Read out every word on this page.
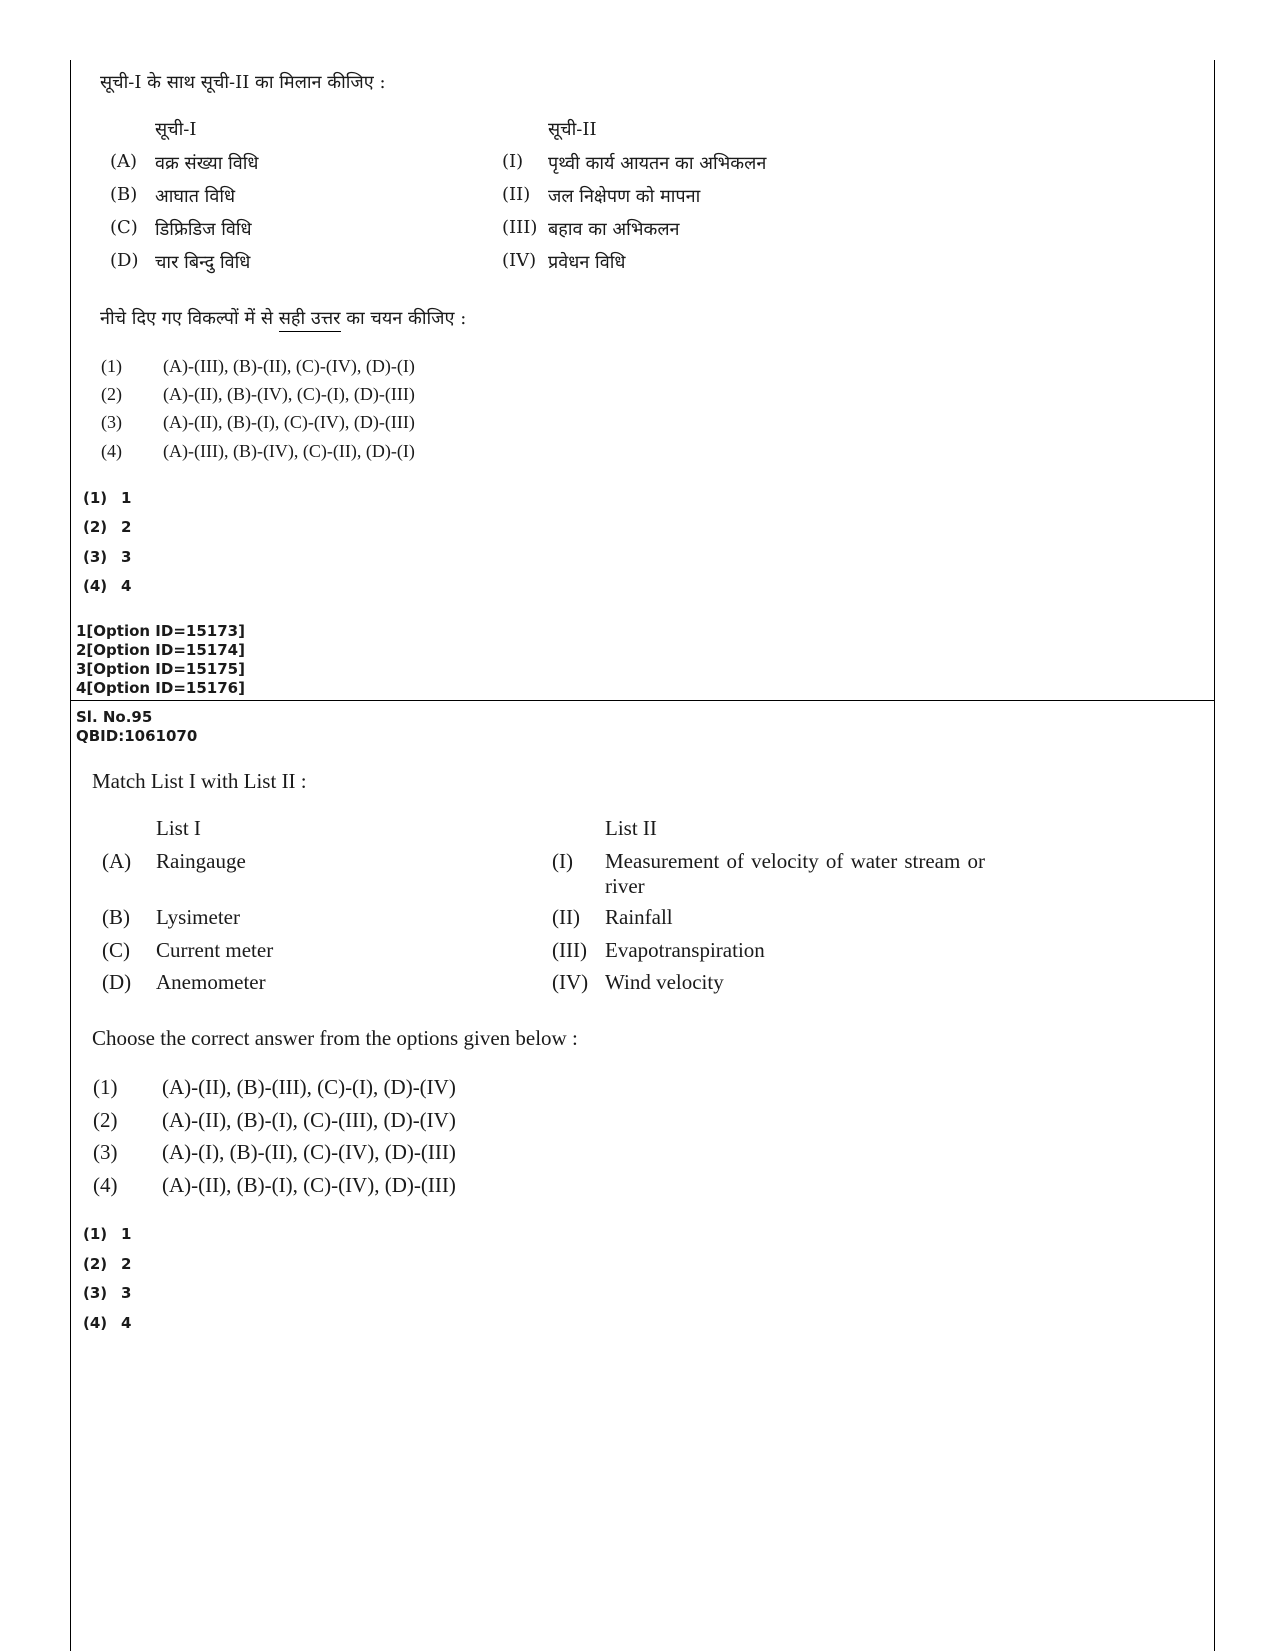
सूची-I के साथ सूची-II का मिलान कीजिए :
सूची-I	सूची-II
(A) वक्र संख्या विधि	(I) पृथ्वी कार्य आयतन का अभिकलन
(B) आघात विधि	(II) जल निक्षेपण को मापना
(C) डिफ्रिडिज विधि	(III) बहाव का अभिकलन
(D) चार बिन्दु विधि	(IV) प्रवेधन विधि
नीचे दिए गए विकल्पों में से सही उत्तर का चयन कीजिए :
(1) (A)-(III), (B)-(II), (C)-(IV), (D)-(I)
(2) (A)-(II), (B)-(IV), (C)-(I), (D)-(III)
(3) (A)-(II), (B)-(I), (C)-(IV), (D)-(III)
(4) (A)-(III), (B)-(IV), (C)-(II), (D)-(I)
(1) 1
(2) 2
(3) 3
(4) 4
1[Option ID=15173]
2[Option ID=15174]
3[Option ID=15175]
4[Option ID=15176]
Sl. No.95
QBID:1061070
Match List I with List II :
List I	List II
(A) Raingauge	(I) Measurement of velocity of water stream or river
(B) Lysimeter	(II) Rainfall
(C) Current meter	(III) Evapotranspiration
(D) Anemometer	(IV) Wind velocity
Choose the correct answer from the options given below :
(1) (A)-(II), (B)-(III), (C)-(I), (D)-(IV)
(2) (A)-(II), (B)-(I), (C)-(III), (D)-(IV)
(3) (A)-(I), (B)-(II), (C)-(IV), (D)-(III)
(4) (A)-(II), (B)-(I), (C)-(IV), (D)-(III)
(1) 1
(2) 2
(3) 3
(4) 4
